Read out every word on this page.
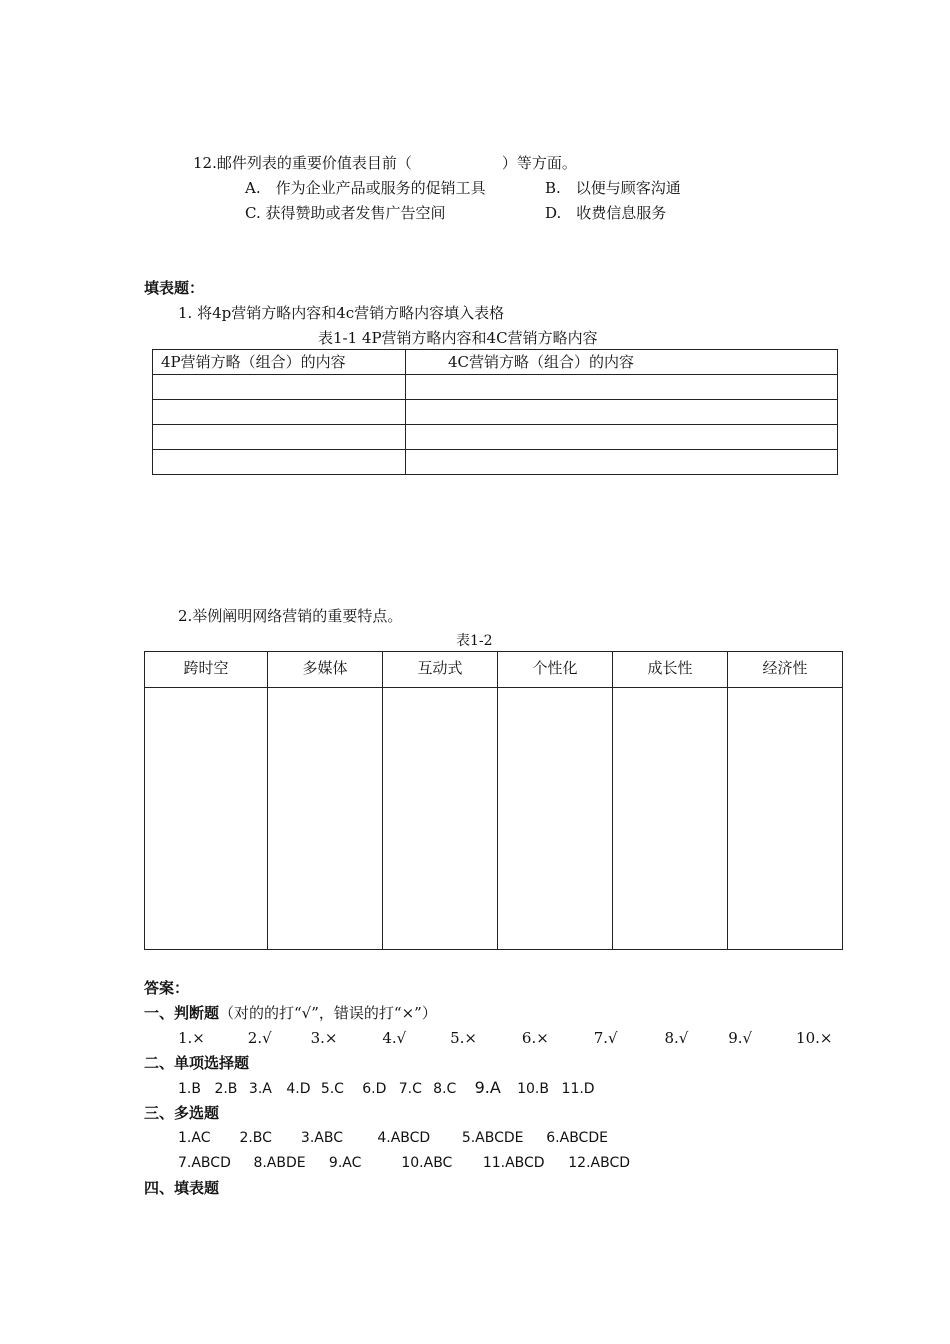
12.邮件列表的重要价值表目前（　　　　　　）等方面。
A.　作为企业产品或服务的促销工具	B.　以便与顾客沟通
C. 获得赞助或者发售广告空间	D.　收费信息服务
填表题：
1. 将4p营销方略内容和4c营销方略内容填入表格
表1-1 4P营销方略内容和4C营销方略内容
4P营销方略（组合）的内容	4C营销方略（组合）的内容

2.举例阐明网络营销的重要特点。
表1-2
跨时空	多媒体	互动式	个性化	成长性	经济性

答案：
一、判断题（对的的打“√”，错误的打“×”）
1.×	2.√	3.×	4.√	5.×	6.×	7.√	8.√	9.√	10.×
二、单项选择题
1.B 2.B 3.A 4.D 5.C 6.D 7.C 8.C 9.A 10.B 11.D
三、多选题
1.AC 2.BC 3.ABC 4.ABCD 5.ABCDE 6.ABCDE
7.ABCD 8.ABDE 9.AC	10.ABC 11.ABCD 12.ABCD
四、填表题
